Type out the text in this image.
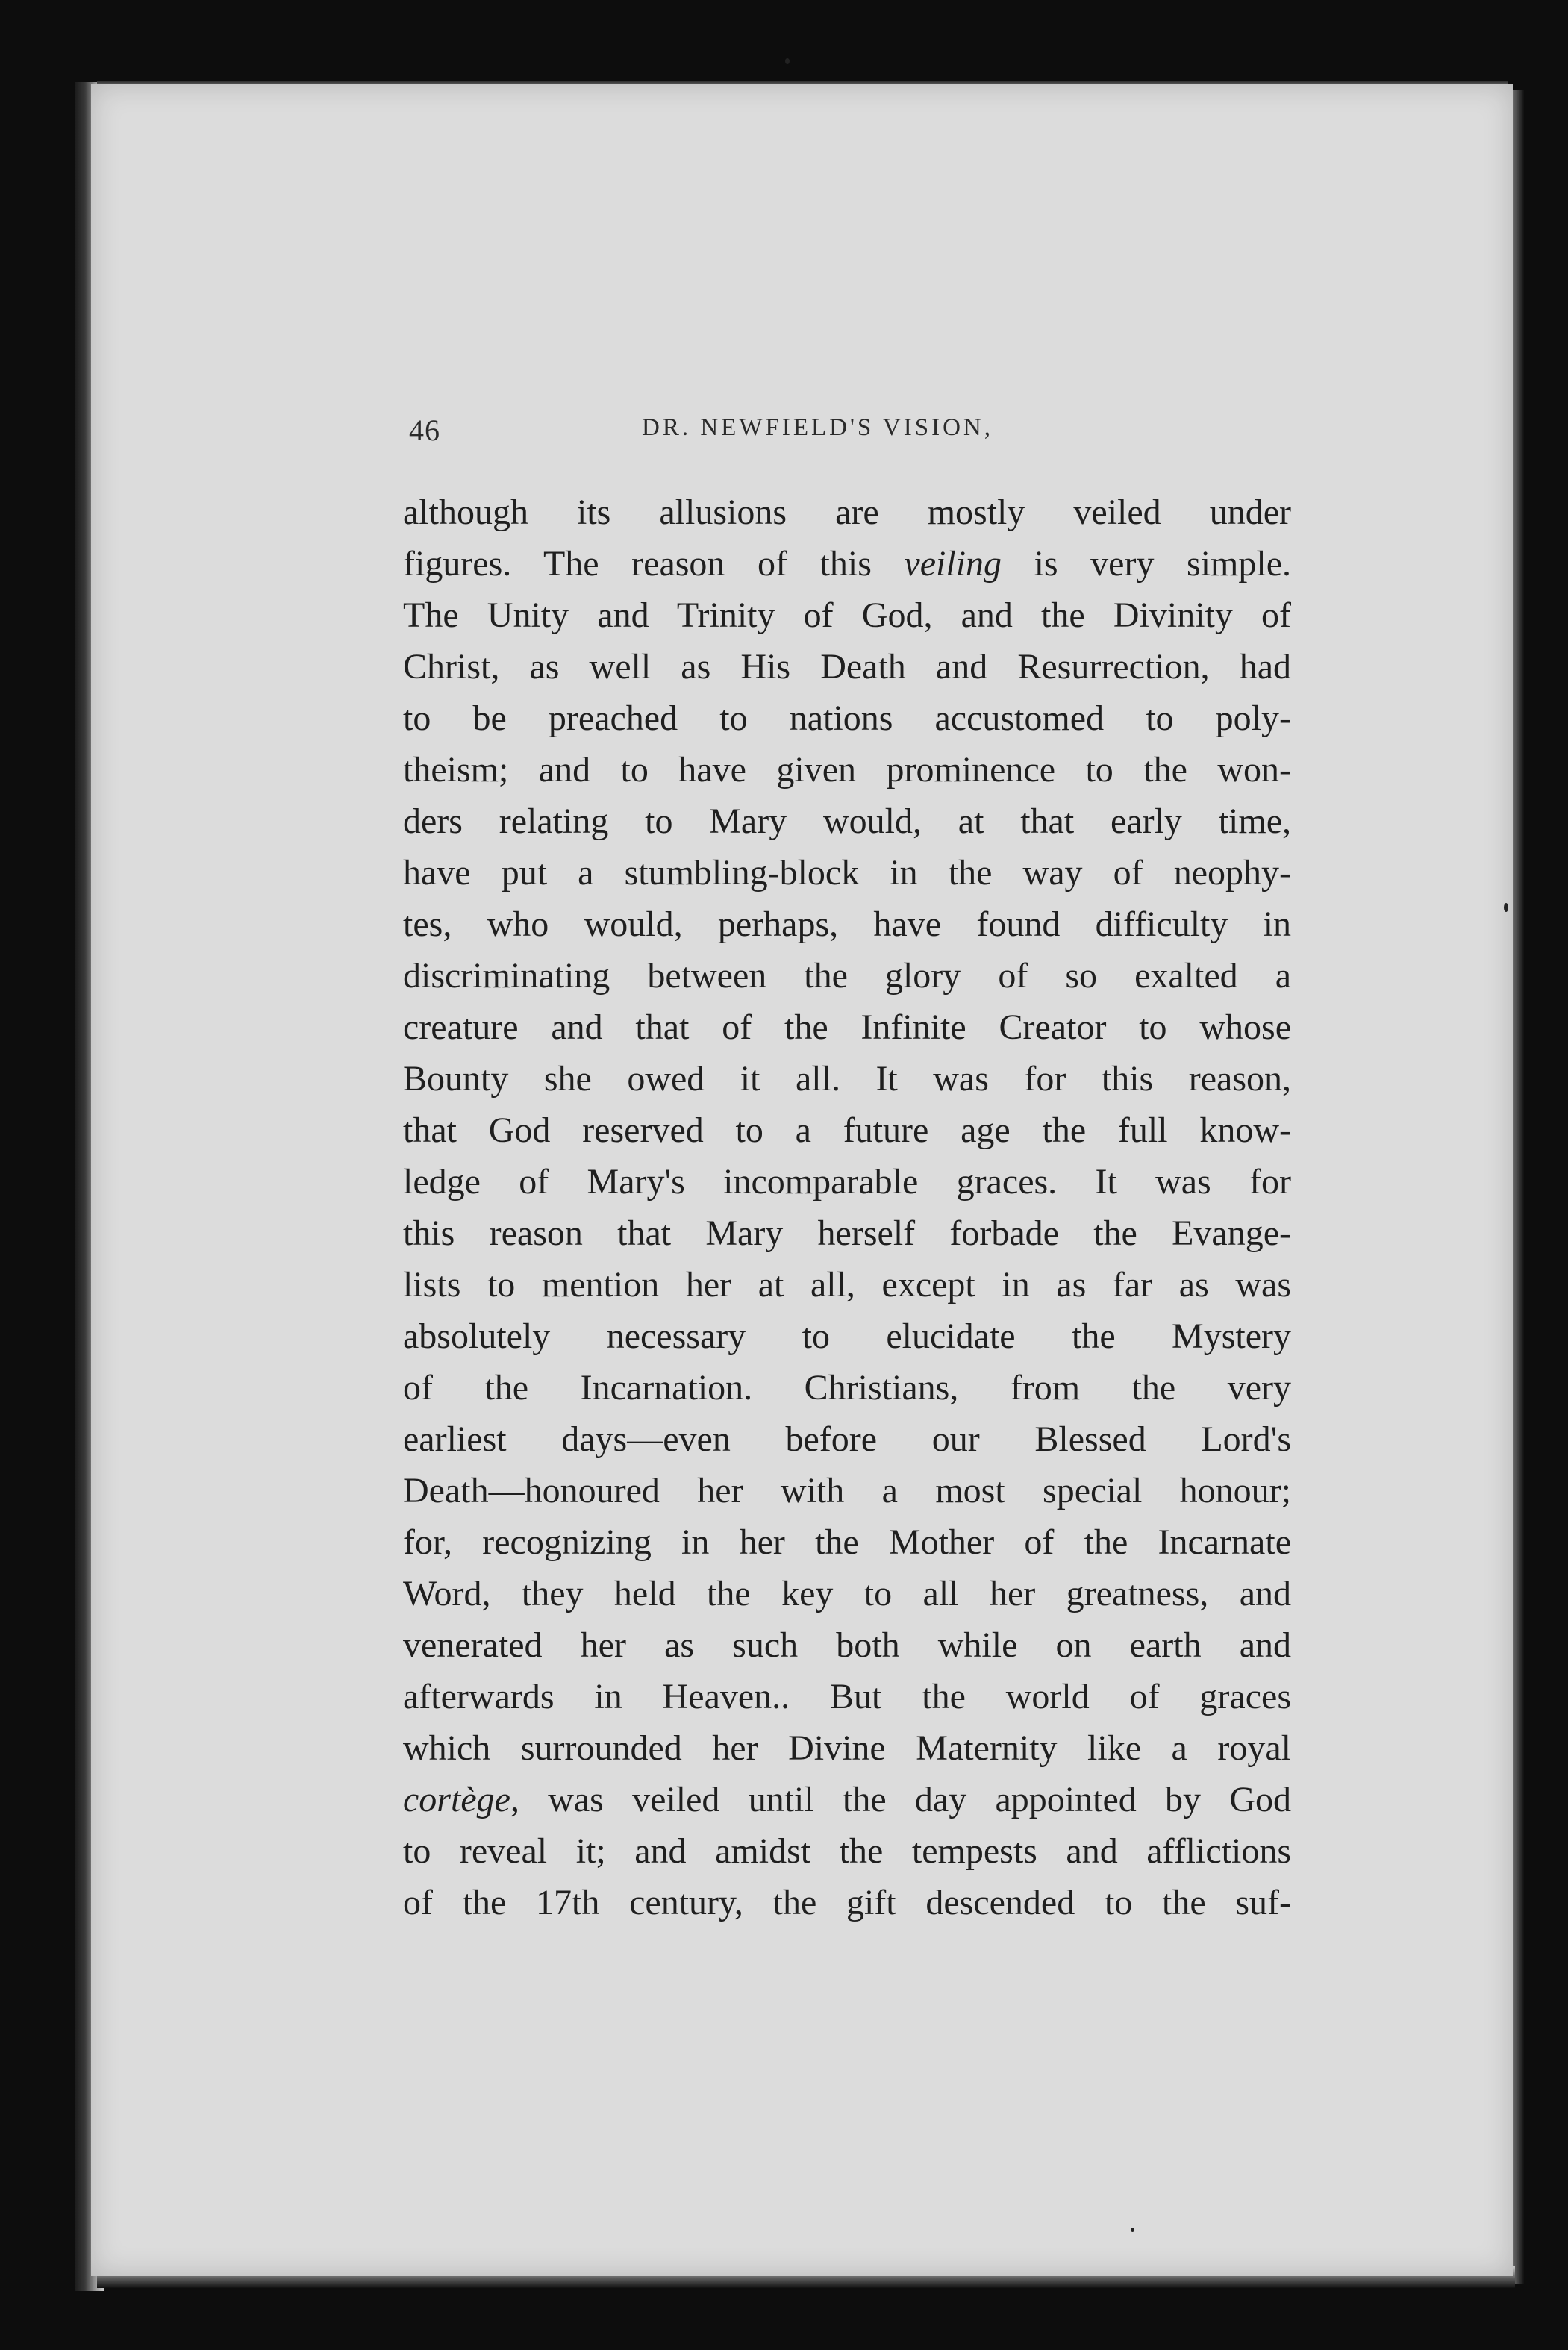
46	DR. NEWFIELD'S VISION,
although its allusions are mostly veiled under
figures. The reason of this veiling is very simple.
The Unity and Trinity of God, and the Divinity of
Christ, as well as His Death and Resurrection, had
to be preached to nations accustomed to poly-
theism; and to have given prominence to the won-
ders relating to Mary would, at that early time,
have put a stumbling-block in the way of neophy-
tes, who would, perhaps, have found difficulty in
discriminating between the glory of so exalted a
creature and that of the Infinite Creator to whose
Bounty she owed it all. It was for this reason,
that God reserved to a future age the full know-
ledge of Mary's incomparable graces. It was for
this reason that Mary herself forbade the Evange-
lists to mention her at all, except in as far as was
absolutely necessary to elucidate the Mystery
of the Incarnation. Christians, from the very
earliest days—even before our Blessed Lord's
Death—honoured her with a most special honour;
for, recognizing in her the Mother of the Incarnate
Word, they held the key to all her greatness, and
venerated her as such both while on earth and
afterwards in Heaven.. But the world of graces
which surrounded her Divine Maternity like a royal
cortège, was veiled until the day appointed by God
to reveal it; and amidst the tempests and afflictions
of the 17th century, the gift descended to the suf-
